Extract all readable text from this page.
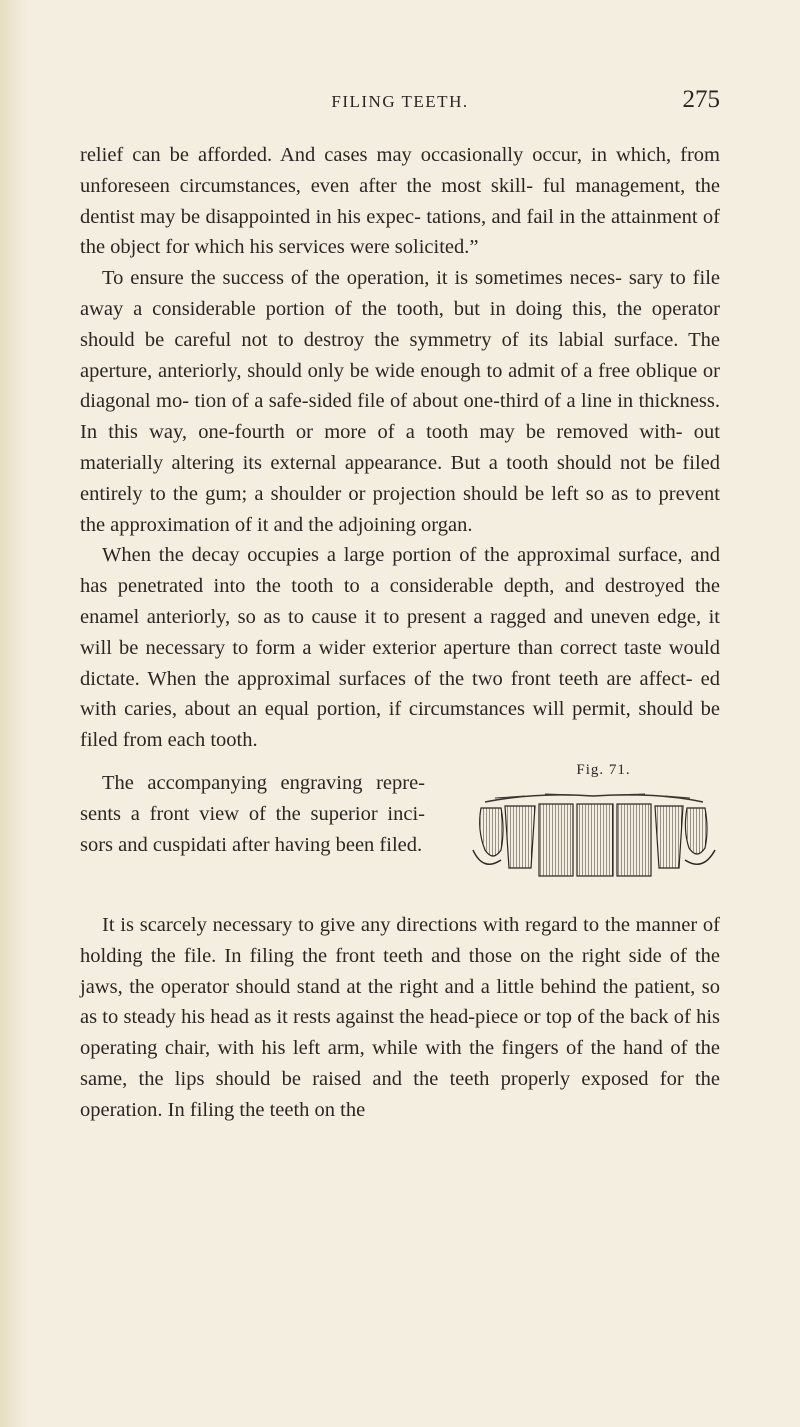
FILING TEETH.	275

relief can be afforded. And cases may occasionally occur, in which, from unforeseen circumstances, even after the most skill- ful management, the dentist may be disappointed in his expec- tations, and fail in the attainment of the object for which his services were solicited.”

To ensure the success of the operation, it is sometimes neces- sary to file away a considerable portion of the tooth, but in doing this, the operator should be careful not to destroy the symmetry of its labial surface. The aperture, anteriorly, should only be wide enough to admit of a free oblique or diagonal mo- tion of a safe-sided file of about one-third of a line in thickness. In this way, one-fourth or more of a tooth may be removed with- out materially altering its external appearance. But a tooth should not be filed entirely to the gum; a shoulder or projection should be left so as to prevent the approximation of it and the adjoining organ.

When the decay occupies a large portion of the approximal surface, and has penetrated into the tooth to a considerable depth, and destroyed the enamel anteriorly, so as to cause it to present a ragged and uneven edge, it will be necessary to form a wider exterior aperture than correct taste would dictate. When the approximal surfaces of the two front teeth are affect- ed with caries, about an equal portion, if circumstances will permit, should be filed from each tooth.

The accompanying engraving repre- sents a front view of the superior inci- sors and cuspidati after having been filed.

Fig. 71.

It is scarcely necessary to give any directions with regard to the manner of holding the file. In filing the front teeth and those on the right side of the jaws, the operator should stand at the right and a little behind the patient, so as to steady his head as it rests against the head-piece or top of the back of his operating chair, with his left arm, while with the fingers of the hand of the same, the lips should be raised and the teeth properly exposed for the operation. In filing the teeth on the
